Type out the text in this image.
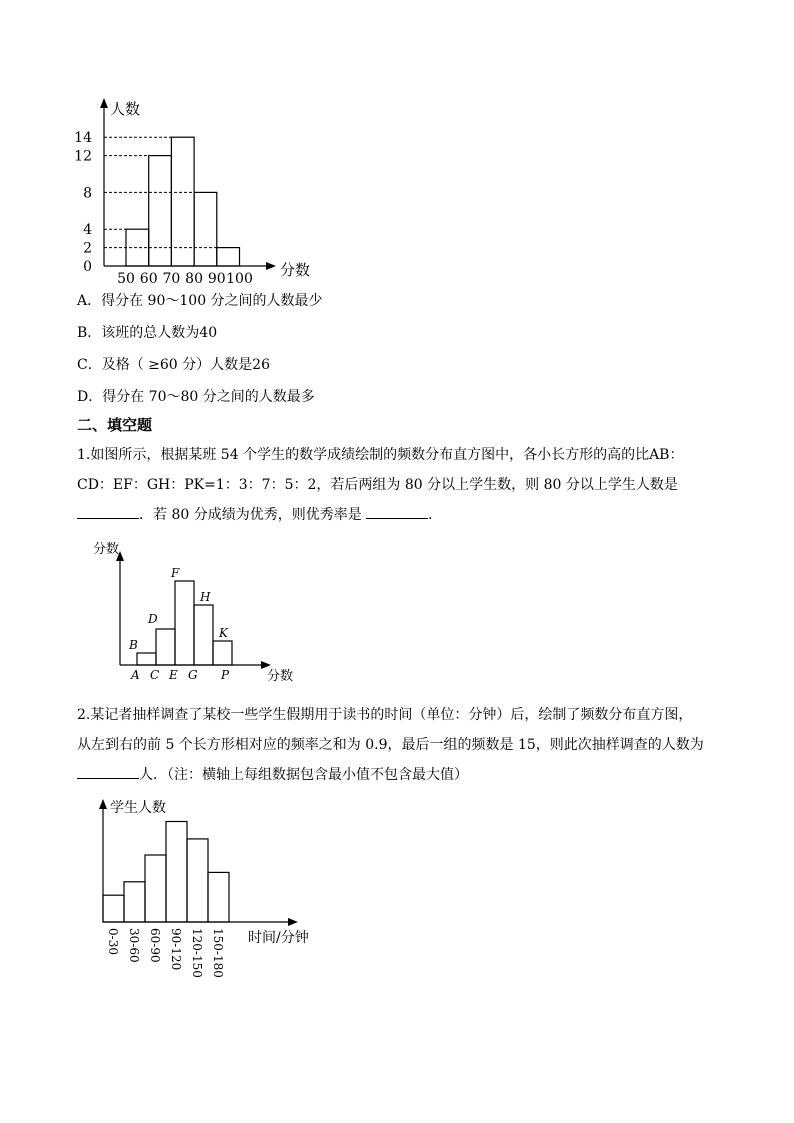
0
2
4
8
12
14
50 60 70 80 90 100
人数
分数
A．得分在 90～100 分之间的人数最少
B．该班的总人数为40
C．及格（ ≥60 分）人数是26
D．得分在 70～80 分之间的人数最多
二、填空题
1.如图所示，根据某班 54 个学生的数学成绩绘制的频数分布直方图中，各小长方形的高的比AB：
CD：EF：GH：PK=1：3：7：5：2，若后两组为 80 分以上学生数，则 80 分以上学生人数是
．若 80 分成绩为优秀，则优秀率是	．
B
A
D
C
F
E
H
G
K
P
分数
分数
2.某记者抽样调查了某校一些学生假期用于读书的时间（单位：分钟）后，绘制了频数分布直方图，
从左到右的前 5 个长方形相对应的频率之和为 0.9，最后一组的频数是 15，则此次抽样调查的人数为
人．（注：横轴上每组数据包含最小值不包含最大值）
0-30 30-60 60-90 90-120 120-150 150-180
学生人数
时间/分钟
